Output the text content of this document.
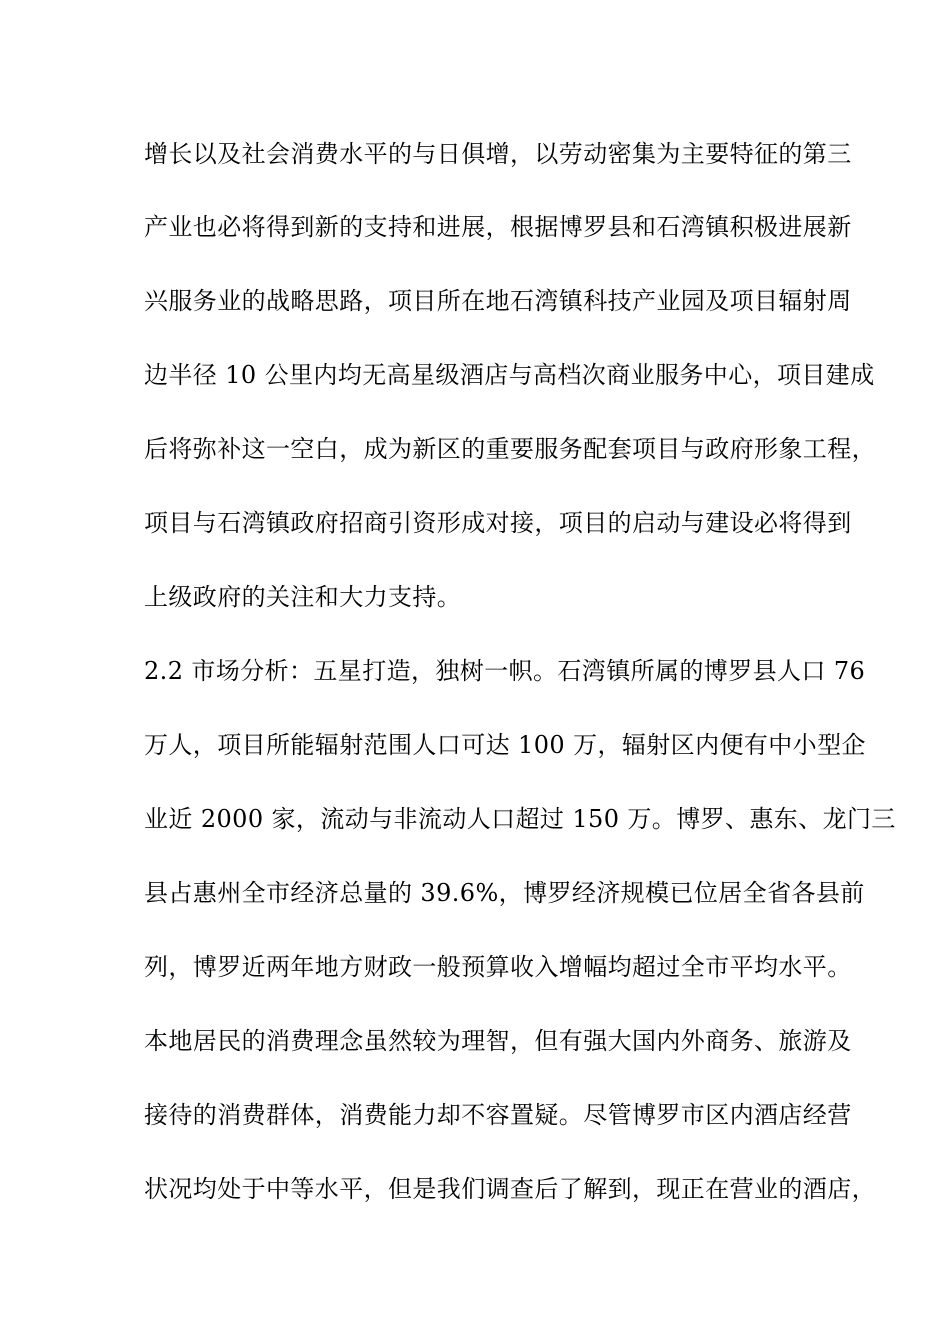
增长以及社会消费水平的与日俱增，以劳动密集为主要特征的第三
产业也必将得到新的支持和进展，根据博罗县和石湾镇积极进展新
兴服务业的战略思路，项目所在地石湾镇科技产业园及项目辐射周
边半径 10 公里内均无高星级酒店与高档次商业服务中心，项目建成
后将弥补这一空白，成为新区的重要服务配套项目与政府形象工程，
项目与石湾镇政府招商引资形成对接，项目的启动与建设必将得到
上级政府的关注和大力支持。
2.2 市场分析：五星打造，独树一帜。石湾镇所属的博罗县人口 76
万人，项目所能辐射范围人口可达 100 万，辐射区内便有中小型企
业近 2000 家，流动与非流动人口超过 150 万。博罗、惠东、龙门三
县占惠州全市经济总量的 39.6%，博罗经济规模已位居全省各县前
列，博罗近两年地方财政一般预算收入增幅均超过全市平均水平。
本地居民的消费理念虽然较为理智，但有强大国内外商务、旅游及
接待的消费群体，消费能力却不容置疑。尽管博罗市区内酒店经营
状况均处于中等水平，但是我们调查后了解到，现正在营业的酒店，
